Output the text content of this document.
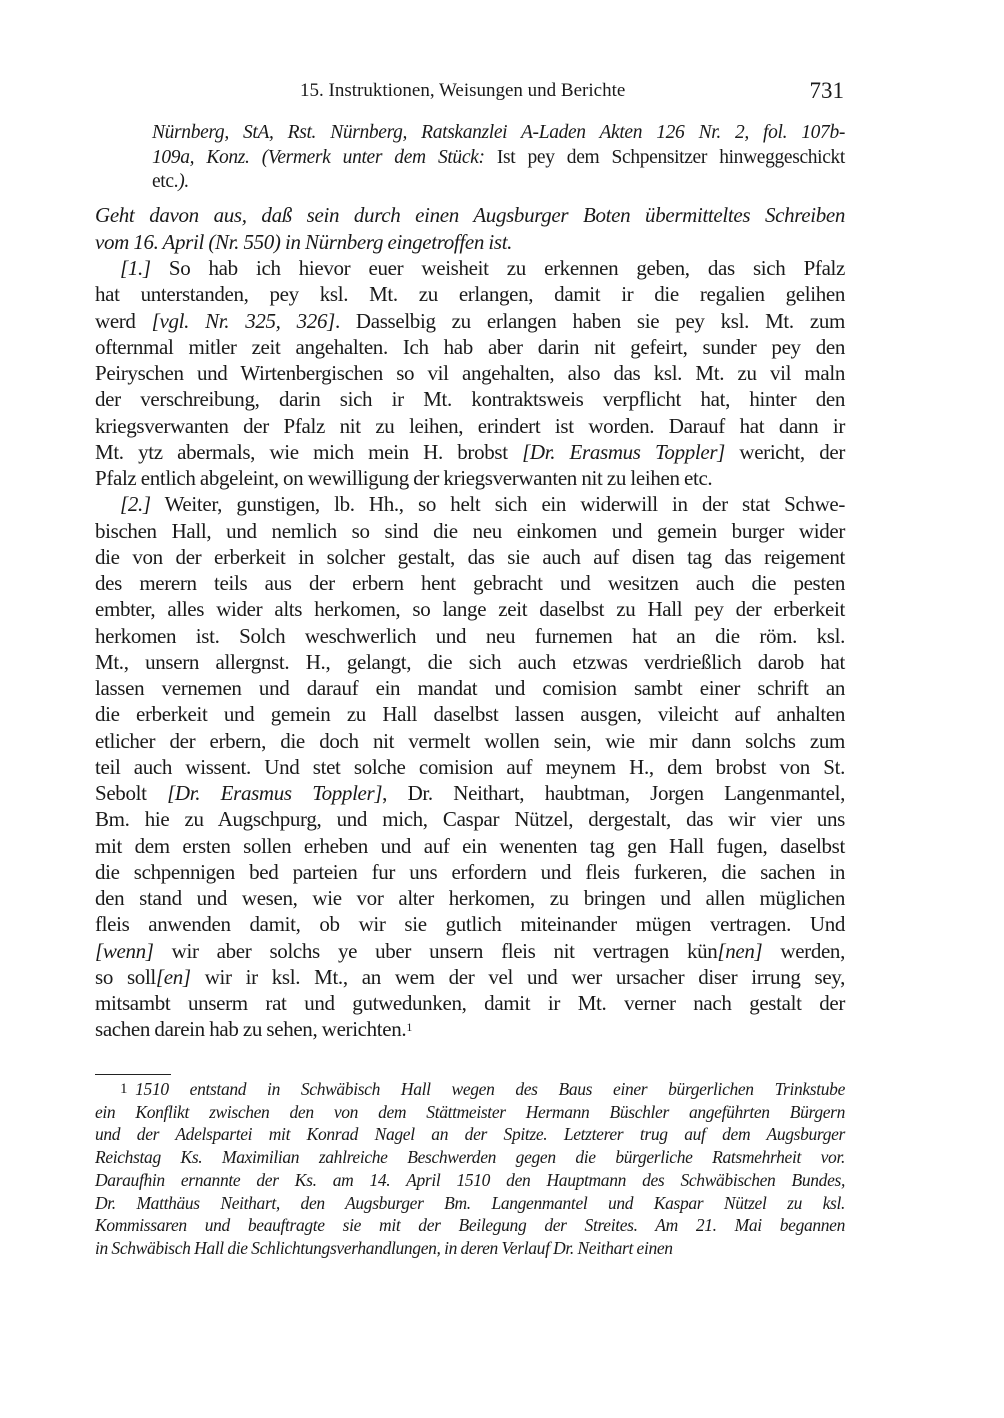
15. Instruktionen, Weisungen und Berichte	731
Nürnberg, StA, Rst. Nürnberg, Ratskanzlei A-Laden Akten 126 Nr. 2, fol. 107b-
109a, Konz. (Vermerk unter dem Stück: Ist pey dem Schpensitzer hinweggeschickt
etc.).
Geht davon aus, daß sein durch einen Augsburger Boten übermitteltes Schreiben
vom 16. April (Nr. 550) in Nürnberg eingetroffen ist.
[1.] So hab ich hievor euer weisheit zu erkennen geben, das sich Pfalz
hat unterstanden, pey ksl. Mt. zu erlangen, damit ir die regalien gelihen
werd [vgl. Nr. 325, 326]. Dasselbig zu erlangen haben sie pey ksl. Mt. zum
ofternmal mitler zeit angehalten. Ich hab aber darin nit gefeirt, sunder pey den
Peiryschen und Wirtenbergischen so vil angehalten, also das ksl. Mt. zu vil maln
der verschreibung, darin sich ir Mt. kontraktsweis verpflicht hat, hinter den
kriegsverwanten der Pfalz nit zu leihen, erindert ist worden. Darauf hat dann ir
Mt. ytz abermals, wie mich mein H. brobst [Dr. Erasmus Toppler] wericht, der
Pfalz entlich abgeleint, on wewilligung der kriegsverwanten nit zu leihen etc.
[2.] Weiter, gunstigen, lb. Hh., so helt sich ein widerwill in der stat Schwe-
bischen Hall, und nemlich so sind die neu einkomen und gemein burger wider
die von der erberkeit in solcher gestalt, das sie auch auf disen tag das reigement
des merern teils aus der erbern hent gebracht und wesitzen auch die pesten
embter, alles wider alts herkomen, so lange zeit daselbst zu Hall pey der erberkeit
herkomen ist. Solch weschwerlich und neu furnemen hat an die röm. ksl.
Mt., unsern allergnst. H., gelangt, die sich auch etzwas verdrießlich darob hat
lassen vernemen und darauf ein mandat und comision sambt einer schrift an
die erberkeit und gemein zu Hall daselbst lassen ausgen, vileicht auf anhalten
etlicher der erbern, die doch nit vermelt wollen sein, wie mir dann solchs zum
teil auch wissent. Und stet solche comision auf meynem H., dem brobst von St.
Sebolt [Dr. Erasmus Toppler], Dr. Neithart, haubtman, Jorgen Langenmantel,
Bm. hie zu Augschpurg, und mich, Caspar Nützel, dergestalt, das wir vier uns
mit dem ersten sollen erheben und auf ein wenenten tag gen Hall fugen, daselbst
die schpennigen bed parteien fur uns erfordern und fleis furkeren, die sachen in
den stand und wesen, wie vor alter herkomen, zu bringen und allen müglichen
fleis anwenden damit, ob wir sie gutlich miteinander mügen vertragen. Und
[wenn] wir aber solchs ye uber unsern fleis nit vertragen kün[nen] werden,
so soll[en] wir ir ksl. Mt., an wem der vel und wer ursacher diser irrung sey,
mitsambt unserm rat und gutwedunken, damit ir Mt. verner nach gestalt der
sachen darein hab zu sehen, werichten.$^1$
1 1510 entstand in Schwäbisch Hall wegen des Baus einer bürgerlichen Trinkstube
ein Konflikt zwischen den von dem Stättmeister Hermann Büschler angeführten Bürgern
und der Adelspartei mit Konrad Nagel an der Spitze. Letzterer trug auf dem Augsburger
Reichstag Ks. Maximilian zahlreiche Beschwerden gegen die bürgerliche Ratsmehrheit vor.
Daraufhin ernannte der Ks. am 14. April 1510 den Hauptmann des Schwäbischen Bundes,
Dr. Matthäus Neithart, den Augsburger Bm. Langenmantel und Kaspar Nützel zu ksl.
Kommissaren und beauftragte sie mit der Beilegung der Streites. Am 21. Mai begannen
in Schwäbisch Hall die Schlichtungsverhandlungen, in deren Verlauf Dr. Neithart einen
